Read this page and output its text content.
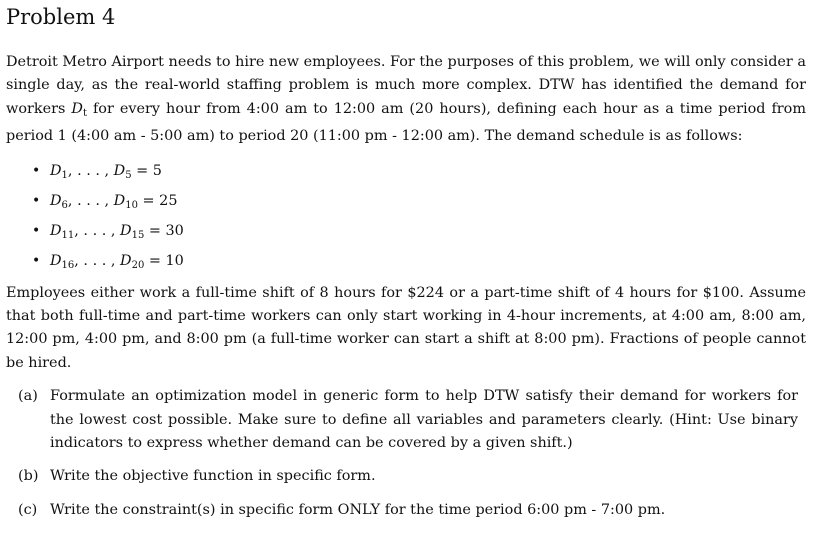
Problem 4

Detroit Metro Airport needs to hire new employees. For the purposes of this problem, we will only consider a single day, as the real-world staffing problem is much more complex. DTW has identified the demand for workers $D_t$ for every hour from 4:00 am to 12:00 am (20 hours), defining each hour as a time period from period 1 (4:00 am - 5:00 am) to period 20 (11:00 pm - 12:00 am). The demand schedule is as follows:

• $D_1$, . . . , $D_5 = 5$
• $D_6$, . . . , $D_{10} = 25$
• $D_{11}$, . . . , $D_{15} = 30$
• $D_{16}$, . . . , $D_{20} = 10$

Employees either work a full-time shift of 8 hours for $224 or a part-time shift of 4 hours for $100. Assume that both full-time and part-time workers can only start working in 4-hour increments, at 4:00 am, 8:00 am, 12:00 pm, 4:00 pm, and 8:00 pm (a full-time worker can start a shift at 8:00 pm). Fractions of people cannot be hired.

(a) Formulate an optimization model in generic form to help DTW satisfy their demand for workers for the lowest cost possible. Make sure to define all variables and parameters clearly. (Hint: Use binary indicators to express whether demand can be covered by a given shift.)
(b) Write the objective function in specific form.
(c) Write the constraint(s) in specific form ONLY for the time period 6:00 pm - 7:00 pm.
